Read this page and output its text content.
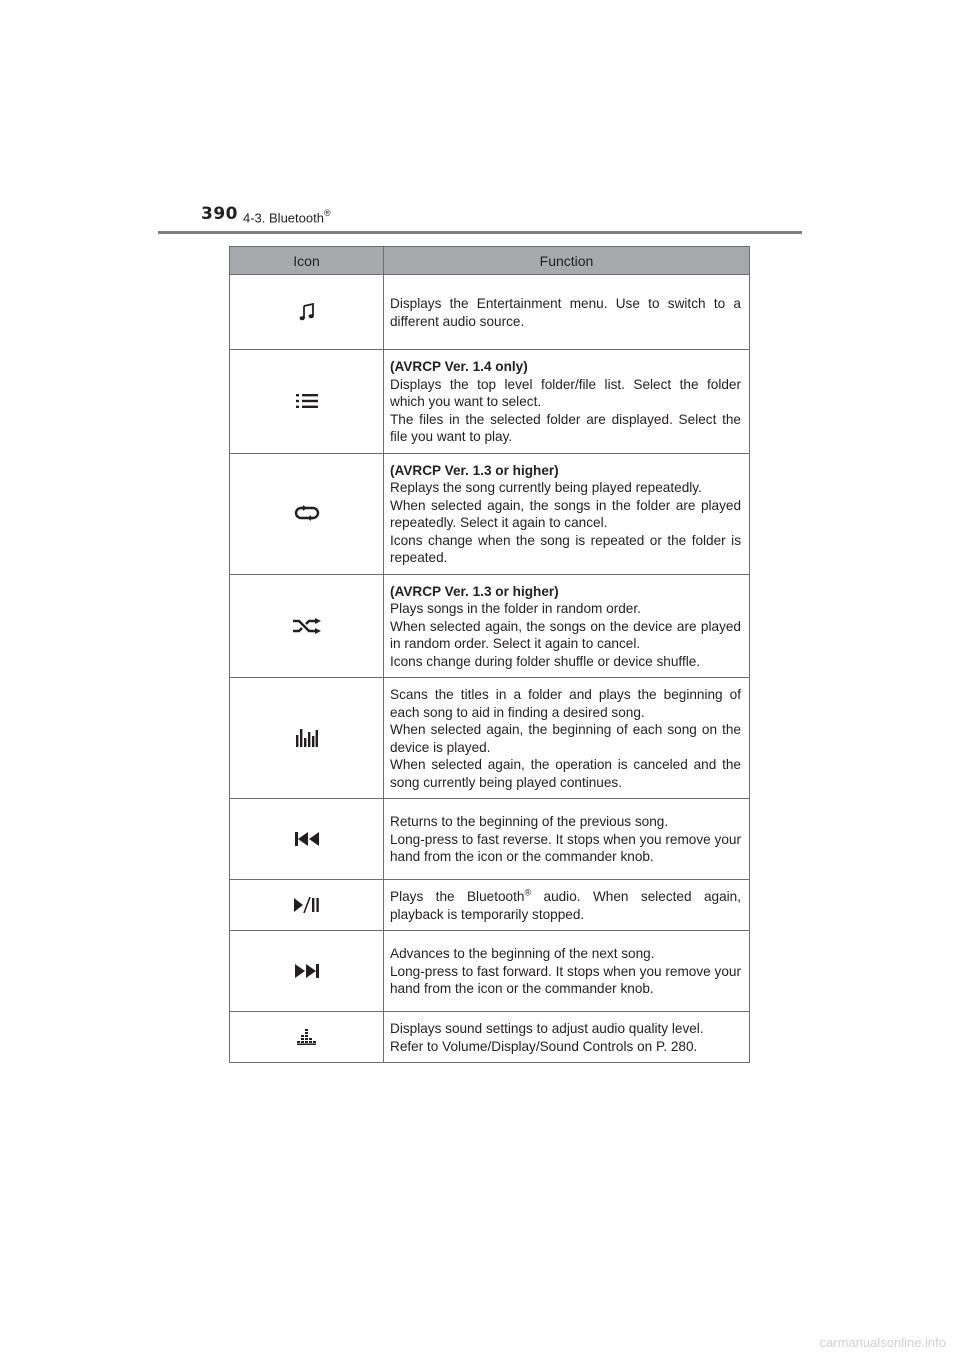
390 4-3. Bluetooth®
Icon	Function

Displays the Entertainment menu. Use to switch to a different audio source.

(AVRCP Ver. 1.4 only)
Displays the top level folder/file list. Select the folder which you want to select.
The files in the selected folder are displayed. Select the file you want to play.

(AVRCP Ver. 1.3 or higher)
Replays the song currently being played repeatedly.
When selected again, the songs in the folder are played repeatedly. Select it again to cancel.
Icons change when the song is repeated or the folder is repeated.

(AVRCP Ver. 1.3 or higher)
Plays songs in the folder in random order.
When selected again, the songs on the device are played in random order. Select it again to cancel.
Icons change during folder shuffle or device shuffle.

Scans the titles in a folder and plays the beginning of each song to aid in finding a desired song.
When selected again, the beginning of each song on the device is played.
When selected again, the operation is canceled and the song currently being played continues.

Returns to the beginning of the previous song.
Long-press to fast reverse. It stops when you remove your hand from the icon or the commander knob.

Plays the Bluetooth® audio. When selected again, playback is temporarily stopped.

Advances to the beginning of the next song.
Long-press to fast forward. It stops when you remove your hand from the icon or the commander knob.

Displays sound settings to adjust audio quality level.
Refer to Volume/Display/Sound Controls on P. 280.
carmanualsonline.info
